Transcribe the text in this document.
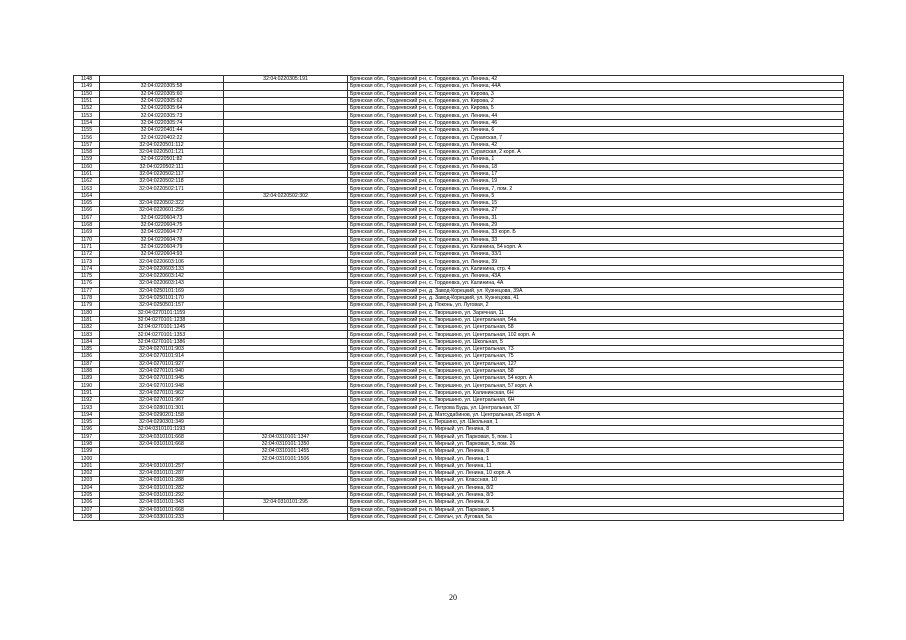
1148		32:04:0220305:191	Брянская обл., Гордеевский р-н, с. Гордеевка, ул. Ленина, 42
1149	32:04:0220305:58		Брянская обл., Гордеевский р-н, с. Гордеевка, ул. Ленина, 44А
1150	32:04:0220305:60		Брянская обл., Гордеевский р-н, с. Гордеевка, ул. Кирова, 3
1151	32:04:0220305:62		Брянская обл., Гордеевский р-н, с. Гордеевка, ул. Кирова, 2
1152	32:04:0220305:64		Брянская обл., Гордеевский р-н, с. Гордеевка, ул. Кирова, 5
1153	32:04:0220305:73		Брянская обл., Гордеевский р-н, с. Гордеевка, ул. Ленина, 44
1154	32:04:0220305:74		Брянская обл., Гордеевский р-н, с. Гордеевка, ул. Ленина, 46
1155	32:04:0220401:44		Брянская обл., Гордеевский р-н, с. Гордеевка, ул. Ленина, 6
1156	32:04:0220402:22		Брянская обл., Гордеевский р-н, с. Гордеевка, ул. Сураяская, 7
1157	32:04:0220501:112		Брянская обл., Гордеевский р-н, с. Гордеевка, ул. Ленина, 42
1158	32:04:0220501:121		Брянская обл., Гордеевский р-н, с. Гордеевка, ул. Сураяская, 2 корп. А
1159	32:04:0220501:82		Брянская обл., Гордеевский р-н, с. Гордеевка, ул. Ленина, 1
1160	32:04:0220502:111		Брянская обл., Гордеевский р-н, с. Гордеевка, ул. Ленина, 18
1161	32:04:0220502:117		Брянская обл., Гордеевский р-н, с. Гордеевка, ул. Ленина, 17
1162	32:04:0220502:118		Брянская обл., Гордеевский р-н, с. Гордеевка, ул. Ленина, 19
1163	32:04:0220502:171		Брянская обл., Гордеевский р-н, с. Гордеевка, ул. Ленина, 7, пом. 2
1164		32:04:0220502:302	Брянская обл., Гордеевский р-н, с. Гордеевка, ул. Ленина, 5
1165	32:04:0220502:322		Брянская обл., Гордеевский р-н, с. Гордеевка, ул. Ленина, 15
1166	32:04:0220601:256		Брянская обл., Гордеевский р-н, с. Гордеевка, ул. Ленина, 27
1167	32:04:0220604:73		Брянская обл., Гордеевский р-н, с. Гордеевка, ул. Ленина, 31
1168	32:04:0220604:75		Брянская обл., Гордеевский р-н, с. Гордеевка, ул. Ленина, 29
1169	32:04:0220604:77		Брянская обл., Гордеевский р-н, с. Гордеевка, ул. Ленина, 33 корп. Б
1170	32:04:0220604:78		Брянская обл., Гордеевский р-н, с. Гордеевка, ул. Ленина, 33
1171	32:04:0220604:79		Брянская обл., Гордеевский р-н, с. Гордеевка, ул. Калинина, 54 корп. А
1172	32:04:0220604:93		Брянская обл., Гордеевский р-н, с. Гордеевка, ул. Ленина, 33/1
1173	32:04:0220603:106		Брянская обл., Гордеевский р-н, с. Гордеевка, ул. Ленина, 39
1174	32:04:0220603:133		Брянская обл., Гордеевский р-н, с. Гордеевка, ул. Калинина, стр. 4
1175	32:04:0220603:142		Брянская обл., Гордеевский р-н, с. Гордеевка, ул. Ленина, 43А
1176	32:04:0220603:143		Брянская обл., Гордеевский р-н, с. Гордеевка, ул. Калинина, 4А
1177	32:04:0250101:169		Брянская обл., Гордеевский р-н, д. Завод-Корецкий, ул. Кузнецова, 39А
1178	32:04:0250101:170		Брянская обл., Гордеевский р-н, д. Завод-Корецкий, ул. Кузнецова, 41
1179	32:04:0250501:157		Брянская обл., Гордеевский р-н, д. Поконь, ул. Луговая, 2
1180	32:04:0270101:1159		Брянская обл., Гордеевский р-н, с. Творишино, ул. Заречная, 11
1181	32:04:0270101:1238		Брянская обл., Гордеевский р-н, с. Творишино, ул. Центральная, 54а
1182	32:04:0270101:1245		Брянская обл., Гордеевский р-н, с. Творишино, ул. Центральная, 58
1183	32:04:0270101:1353		Брянская обл., Гордеевский р-н, с. Творишино, ул. Центральная, 102 корп. А
1184	32:04:0270101:1386		Брянская обл., Гордеевский р-н, с. Творишино, ул. Школьная, 5
1185	32:04:0270101:903		Брянская обл., Гордеевский р-н, с. Творишино, ул. Центральная, 73
1186	32:04:0270101:914		Брянская обл., Гордеевский р-н, с. Творишино, ул. Центральная, 75
1187	32:04:0270101:927		Брянская обл., Гордеевский р-н, с. Творишино, ул. Центральная, 127
1188	32:04:0270101:940		Брянская обл., Гордеевский р-н, с. Творишино, ул. Центральная, 58
1189	32:04:0270101:945		Брянская обл., Гордеевский р-н, с. Творишино, ул. Центральная, 54 корп. А
1190	32:04:0270101:948		Брянская обл., Гордеевский р-н, с. Творишино, ул. Центральная, 57 корп. А
1191	32:04:0270101:962		Брянская обл., Гордеевский р-н, с. Творишино, ул. Калининская, 6Н
1192	32:04:0270101:967		Брянская обл., Гордеевский р-н, с. Творишино, ул. Центральная, 6Н
1193	32:04:0280101:301		Брянская обл., Гордеевский р-н, с. Петрова Буда, ул. Центральная, 37
1194	32:04:0290201:158		Брянская обл., Гордеевский р-н, д. Матсудабинов, ул. Центральная, 25 корп. А
1195	32:04:0290301:349		Брянская обл., Гордеевский р-н, с. Першино, ул. Школьная, 1
1196	32:04:0310101:1193		Брянская обл., Гордеевский р-н, п. Мирный, ул. Ленина, 8
1197	32:04:0310101:668	32:04:0310101:1347	Брянская обл., Гордеевский р-н, п. Мирный, ул. Парковая, 5, пом. 1
1198	32:04:0310101:668	32:04:0310101:1350	Брянская обл., Гордеевский р-н, п. Мирный, ул. Парковая, 5, пом. 26
1199		32:04:0310101:1455	Брянская обл., Гордеевский р-н, п. Мирный, ул. Ленина, 8
1200		32:04:0310101:1506	Брянская обл., Гордеевский р-н, п. Мирный, ул. Ленина, 1
1201	32:04:0310101:257		Брянская обл., Гордеевский р-н, п. Мирный, ул. Ленина, 11
1202	32:04:0310101:287		Брянская обл., Гордеевский р-н, п. Мирный, ул. Ленина, 10 корп. А
1203	32:04:0310101:288		Брянская обл., Гордеевский р-н, п. Мирный, ул. Классная, 10
1204	32:04:0310101:282		Брянская обл., Гордеевский р-н, п. Мирный, ул. Ленина, 8/2
1205	32:04:0310101:292		Брянская обл., Гордеевский р-н, п. Мирный, ул. Ленина, 8/3
1206	32:04:0310101:343	32:04:0310101:295	Брянская обл., Гордеевский р-н, п. Мирный, ул. Ленина, 9
1207	32:04:0310101:668		Брянская обл., Гордеевский р-н, п. Мирный, ул. Парковая, 5
1208	32:04:0330101:233		Брянская обл., Гордеевский р-н, с. Смяльч, ул. Луговая, 5а
20
